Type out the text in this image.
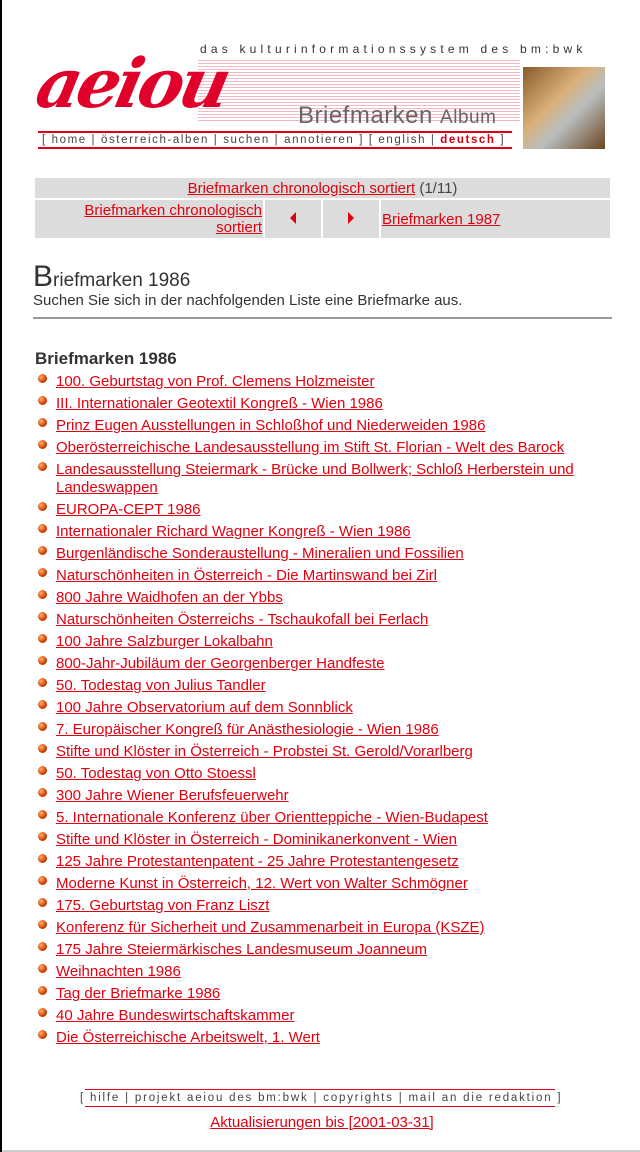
aeiou
das kulturinformationssystem des bm:bwk
Briefmarken Album
[ home | österreich-alben | suchen | annotieren ] [ english | deutsch ]
Briefmarken chronologisch sortiert (1/11)
Briefmarken chronologisch sortiert			Briefmarken 1987
Briefmarken 1986
Suchen Sie sich in der nachfolgenden Liste eine Briefmarke aus.
Briefmarken 1986
100. Geburtstag von Prof. Clemens Holzmeister
III. Internationaler Geotextil Kongreß - Wien 1986
Prinz Eugen Ausstellungen in Schloßhof und Niederweiden 1986
Oberösterreichische Landesausstellung im Stift St. Florian - Welt des Barock
Landesausstellung Steiermark - Brücke und Bollwerk; Schloß Herberstein und Landeswappen
EUROPA-CEPT 1986
Internationaler Richard Wagner Kongreß - Wien 1986
Burgenländische Sonderaustellung - Mineralien und Fossilien
Naturschönheiten in Österreich - Die Martinswand bei Zirl
800 Jahre Waidhofen an der Ybbs
Naturschönheiten Österreichs - Tschaukofall bei Ferlach
100 Jahre Salzburger Lokalbahn
800-Jahr-Jubiläum der Georgenberger Handfeste
50. Todestag von Julius Tandler
100 Jahre Observatorium auf dem Sonnblick
7. Europäischer Kongreß für Anästhesiologie - Wien 1986
Stifte und Klöster in Österreich - Probstei St. Gerold/Vorarlberg
50. Todestag von Otto Stoessl
300 Jahre Wiener Berufsfeuerwehr
5. Internationale Konferenz über Orientteppiche - Wien-Budapest
Stifte und Klöster in Österreich - Dominikanerkonvent - Wien
125 Jahre Protestantenpatent - 25 Jahre Protestantengesetz
Moderne Kunst in Österreich, 12. Wert von Walter Schmögner
175. Geburtstag von Franz Liszt
Konferenz für Sicherheit und Zusammenarbeit in Europa (KSZE)
175 Jahre Steiermärkisches Landesmuseum Joanneum
Weihnachten 1986
Tag der Briefmarke 1986
40 Jahre Bundeswirtschaftskammer
Die Österreichische Arbeitswelt, 1. Wert
[ hilfe | projekt aeiou des bm:bwk | copyrights | mail an die redaktion ]
Aktualisierungen bis [2001-03-31]
